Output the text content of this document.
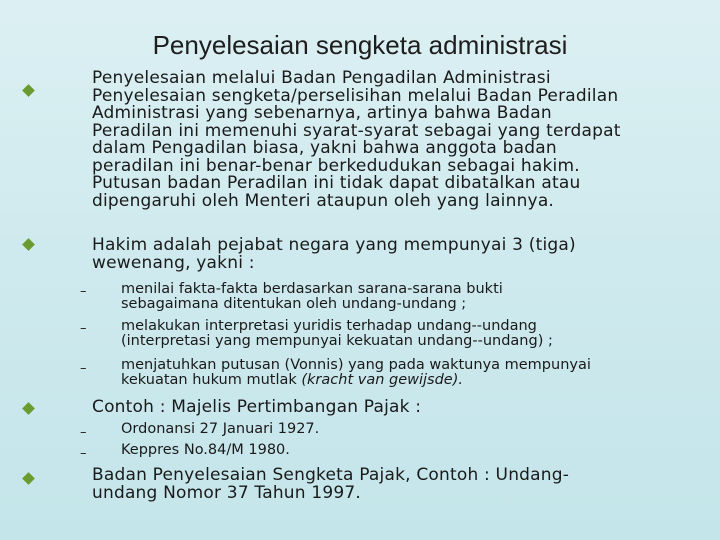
Penyelesaian sengketa administrasi
Penyelesaian melalui Badan Pengadilan Administrasi
Penyelesaian sengketa/perselisihan melalui Badan Peradilan
Administrasi yang sebenarnya, artinya bahwa Badan
Peradilan ini memenuhi syarat-syarat sebagai yang terdapat
dalam Pengadilan biasa, yakni bahwa anggota badan
peradilan ini benar-benar berkedudukan sebagai hakim.
Putusan badan Peradilan ini tidak dapat dibatalkan atau
dipengaruhi oleh Menteri ataupun oleh yang lainnya.
Hakim adalah pejabat negara yang mempunyai 3 (tiga)
wewenang, yakni :
– menilai fakta-fakta berdasarkan sarana-sarana bukti
sebagaimana ditentukan oleh undang-undang ;
– melakukan interpretasi yuridis terhadap undang--undang
(interpretasi yang mempunyai kekuatan undang--undang) ;
– menjatuhkan putusan (Vonnis) yang pada waktunya mempunyai
kekuatan hukum mutlak (kracht van gewijsde).
Contoh : Majelis Pertimbangan Pajak :
– Ordonansi 27 Januari 1927.
– Keppres No.84/M 1980.
Badan Penyelesaian Sengketa Pajak, Contoh : Undang-
undang Nomor 37 Tahun 1997.
